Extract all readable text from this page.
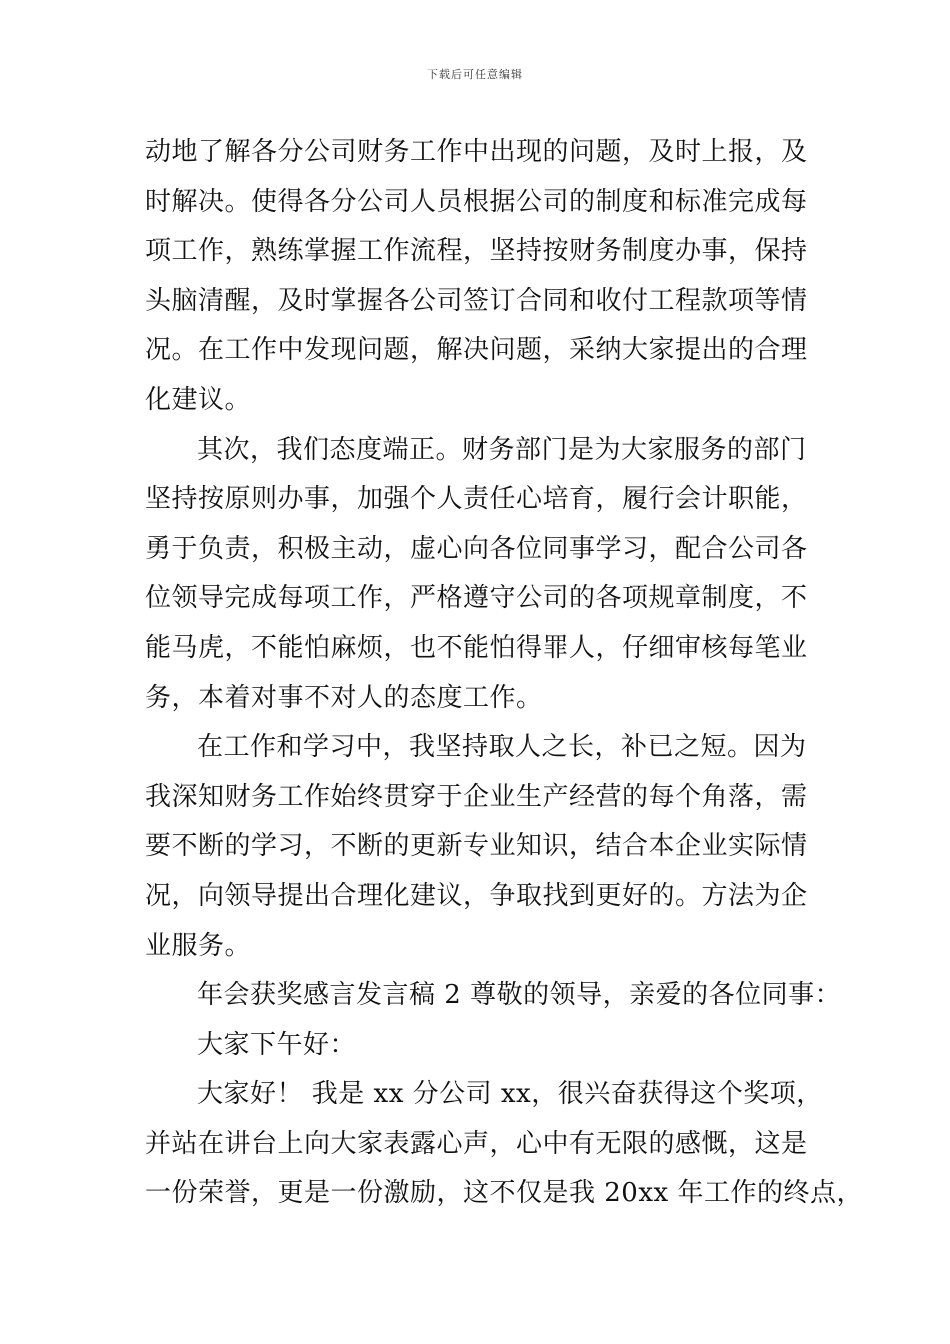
下载后可任意编辑
动地了解各分公司财务工作中出现的问题，及时上报，及
时解决。使得各分公司人员根据公司的制度和标准完成每
项工作，熟练掌握工作流程，坚持按财务制度办事，保持
头脑清醒，及时掌握各公司签订合同和收付工程款项等情
况。在工作中发现问题，解决问题，采纳大家提出的合理
化建议。
其次，我们态度端正。财务部门是为大家服务的部门
坚持按原则办事，加强个人责任心培育，履行会计职能，
勇于负责，积极主动，虚心向各位同事学习，配合公司各
位领导完成每项工作，严格遵守公司的各项规章制度，不
能马虎，不能怕麻烦，也不能怕得罪人，仔细审核每笔业
务，本着对事不对人的态度工作。
在工作和学习中，我坚持取人之长，补已之短。因为
我深知财务工作始终贯穿于企业生产经营的每个角落，需
要不断的学习，不断的更新专业知识，结合本企业实际情
况，向领导提出合理化建议，争取找到更好的。方法为企
业服务。
年会获奖感言发言稿 2 尊敬的领导，亲爱的各位同事：
大家下午好：
大家好！ 我是 xx 分公司 xx，很兴奋获得这个奖项，
并站在讲台上向大家表露心声，心中有无限的感慨，这是
一份荣誉，更是一份激励，这不仅是我 20xx 年工作的终点，
